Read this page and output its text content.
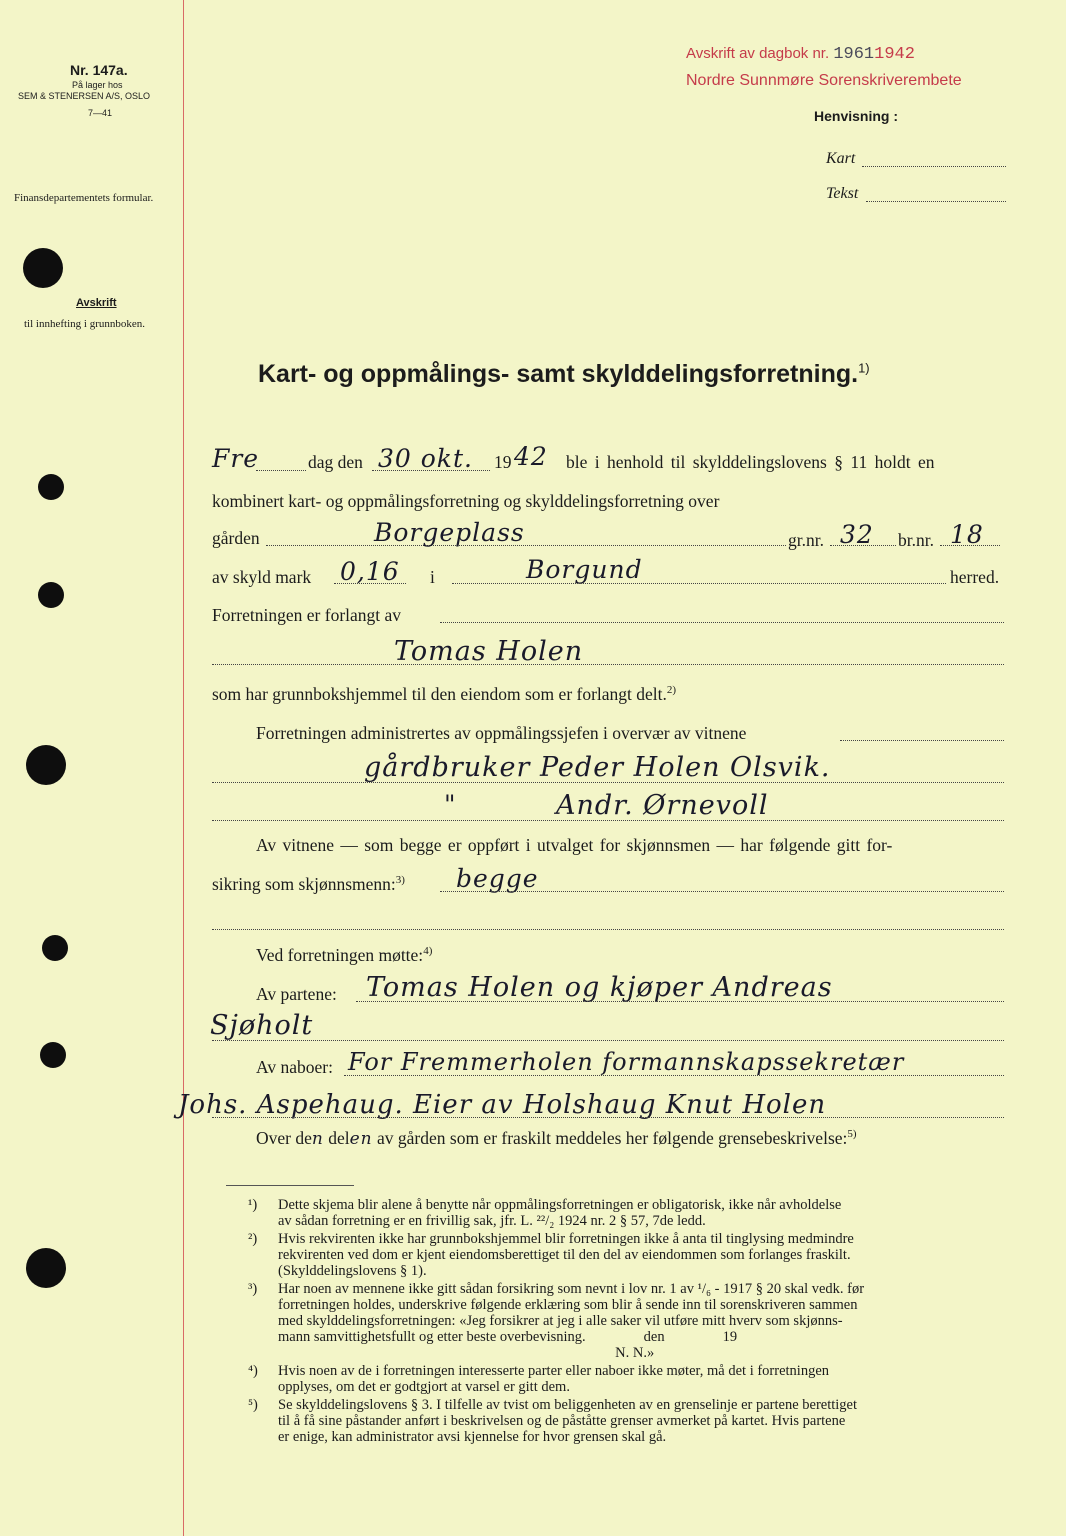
Nr. 147a.
På lager hos
SEM & STENERSEN A/S, OSLO
7—41
Finansdepartementets formular.
Avskrift
til innhefting i grunnboken.
Avskrift av dagbok nr. 19611942
Nordre Sunnmøre Sorenskriverembete
Henvisning :
Kart
Tekst
Kart- og oppmålings- samt skylddelingsforretning.$^{1)}$
Fre	dag den 30 okt. 19 42 ble i henhold til skylddelingslovens § 11 holdt en
kombinert kart- og oppmålingsforretning og skylddelingsforretning over
gården	Borgeplass	gr.nr. 32 br.nr. 18
av skyld mark 0,16 i	Borgund	herred.
Forretningen er forlangt av
Tomas Holen
som har grunnbokshjemmel til den eiendom som er forlangt delt.$^{2)}$
Forretningen administrertes av oppmålingssjefen i overvær av vitnene
gårdbruker Peder Holen Olsvik.
"	Andr. Ørnevoll
Av vitnene — som begge er oppført i utvalget for skjønnsmen — har følgende gitt for-
sikring som skjønnsmenn:$^{3)}$ begge
Ved forretningen møtte:$^{4)}$
Av partene: Tomas Holen og kjøper Andreas
Sjøholt
Av naboer: For Fremmerholen formannskapssekretær
Johs. Aspehaug. Eier av Holshaug Knut Holen
Over den delen av gården som er fraskilt meddeles her følgende grensebeskrivelse:$^{5)}$
¹) Dette skjema blir alene å benytte når oppmålingsforretningen er obligatorisk, ikke når avholdelse
av sådan forretning er en frivillig sak, jfr. L. ²²/₂ 1924 nr. 2 § 57, 7de ledd.
²) Hvis rekvirenten ikke har grunnbokshjemmel blir forretningen ikke å anta til tinglysing medmindre
rekvirenten ved dom er kjent eiendomsberettiget til den del av eiendommen som forlanges fraskilt.
(Skylddelingslovens § 1).
³) Har noen av mennene ikke gitt sådan forsikring som nevnt i lov nr. 1 av ¹/₆ - 1917 § 20 skal vedk. før
forretningen holdes, underskrive følgende erklæring som blir å sende inn til sorenskriveren sammen
med skylddelingsforretningen: «Jeg forsikrer at jeg i alle saker vil utføre mitt hverv som skjønns-
mann samvittighetsfullt og etter beste overbevisning.                den                19
N. N.»
⁴) Hvis noen av de i forretningen interesserte parter eller naboer ikke møter, må det i forretningen
opplyses, om det er godtgjort at varsel er gitt dem.
⁵) Se skylddelingslovens § 3. I tilfelle av tvist om beliggenheten av en grenselinje er partene berettiget
til å få sine påstander anført i beskrivelsen og de påståtte grenser avmerket på kartet. Hvis partene
er enige, kan administrator avsi kjennelse for hvor grensen skal gå.
